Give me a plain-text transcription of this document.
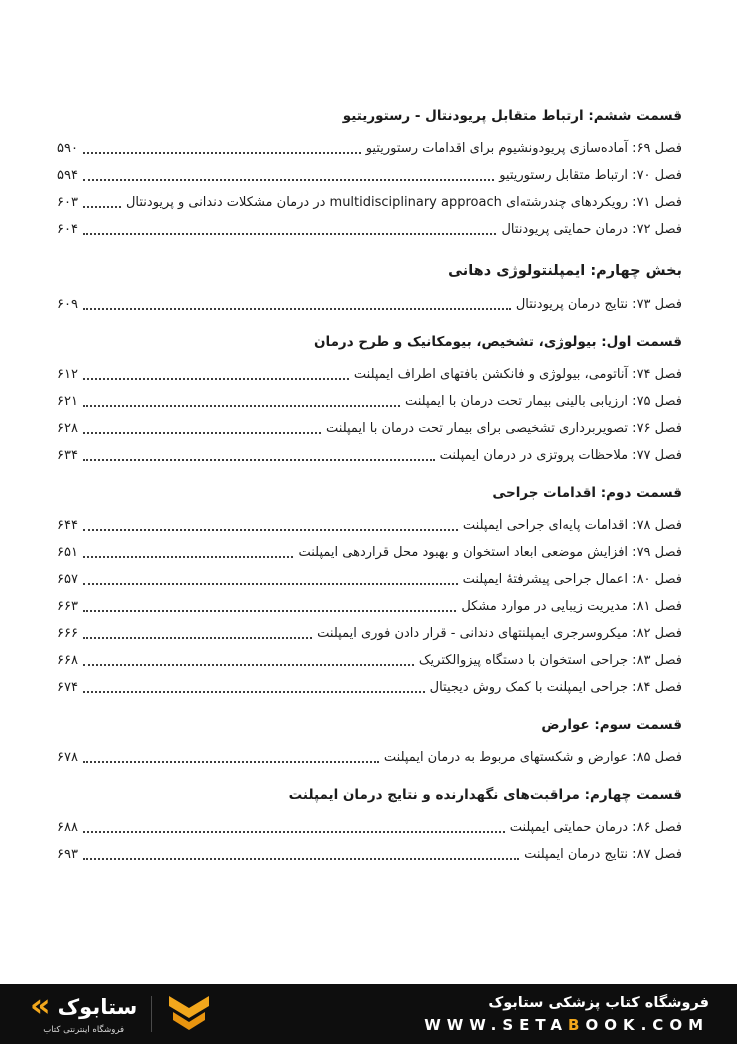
قسمت ششم: ارتباط متقابل پریودنتال - رستوریتیو
فصل ۶۹: آماده‌سازی پریودونشیوم برای اقدامات رستوریتیو
۵۹۰
فصل ۷۰: ارتباط متقابل رستوریتیو
۵۹۴
فصل ۷۱: رویکردهای چندرشته‌ای multidisciplinary approach در درمان مشکلات دندانی و پریودنتال
۶۰۳
فصل ۷۲: درمان حمایتی پریودنتال
۶۰۴
بخش چهارم: ایمپلنتولوژی دهانی
فصل ۷۳: نتایج درمان پریودنتال
۶۰۹
قسمت اول: بیولوژی، تشخیص، بیومکانیک و طرح درمان
فصل ۷۴: آناتومی، بیولوژی و فانکشن بافتهای اطراف ایمپلنت
۶۱۲
فصل ۷۵: ارزیابی بالینی بیمار تحت درمان با ایمپلنت
۶۲۱
فصل ۷۶: تصویربرداری تشخیصی برای بیمار تحت درمان با ایمپلنت
۶۲۸
فصل ۷۷: ملاحظات پروتزی در درمان ایمپلنت
۶۳۴
قسمت دوم: اقدامات جراحی
فصل ۷۸: اقدامات پایه‌ای جراحی ایمپلنت
۶۴۴
فصل ۷۹: افزایش موضعی ابعاد استخوان و بهبود محل قراردهی ایمپلنت
۶۵۱
فصل ۸۰: اعمال جراحی پیشرفتهٔ ایمپلنت
۶۵۷
فصل ۸۱: مدیریت زیبایی در موارد مشکل
۶۶۳
فصل ۸۲: میکروسرجری ایمپلنتهای دندانی - قرار دادن فوری ایمپلنت
۶۶۶
فصل ۸۳: جراحی استخوان با دستگاه پیزوالکتریک
۶۶۸
فصل ۸۴: جراحی ایمپلنت با کمک روش دیجیتال
۶۷۴
قسمت سوم: عوارض
فصل ۸۵: عوارض و شکستهای مربوط به درمان ایمپلنت
۶۷۸
قسمت چهارم: مراقبت‌های نگهدارنده و نتایج درمان ایمپلنت
فصل ۸۶: درمان حمایتی ایمپلنت
۶۸۸
فصل ۸۷: نتایج درمان ایمپلنت
۶۹۳
« ستابوک
فروشگاه اینترنتی کتاب
فروشگاه کتاب پزشکی ستابوک
WWW.SETABOOK.COM
